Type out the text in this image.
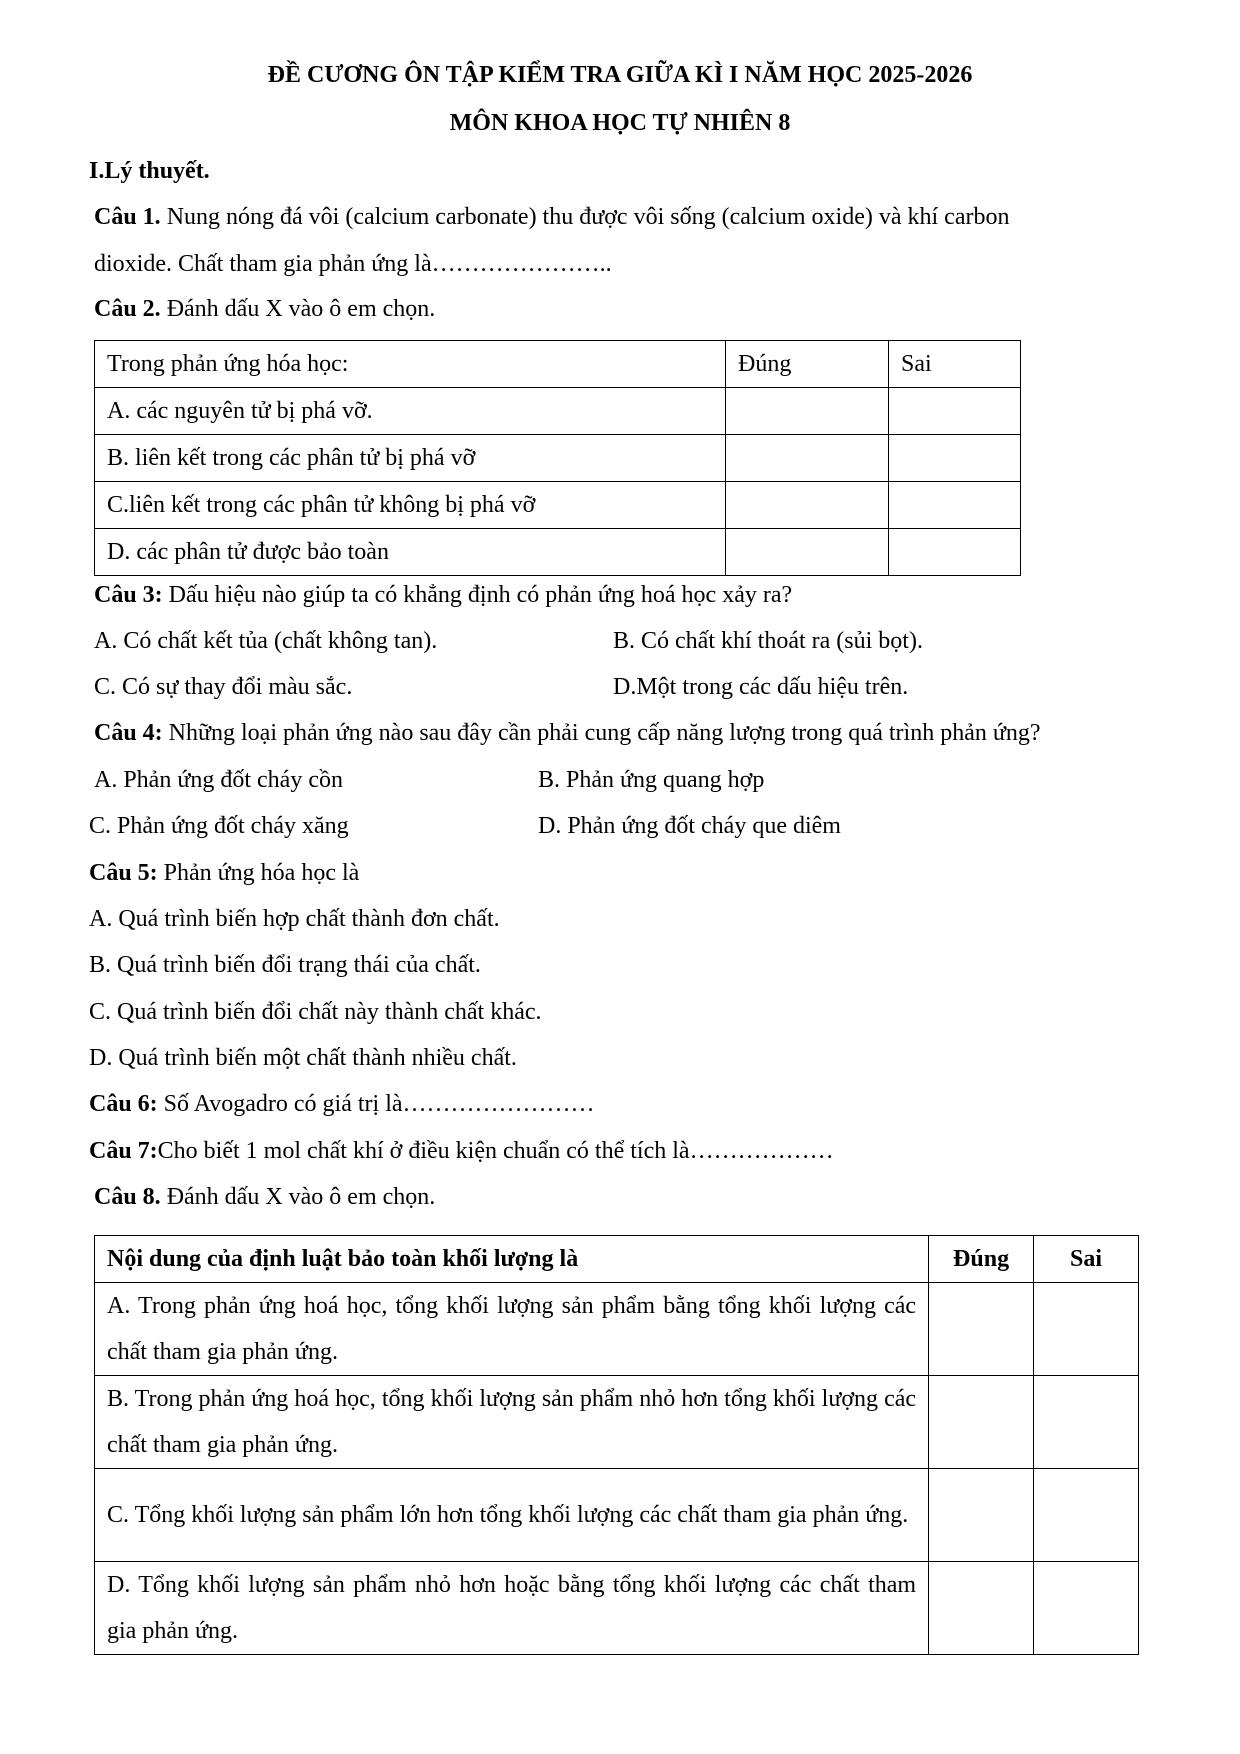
ĐỀ CƯƠNG ÔN TẬP KIỂM TRA GIỮA KÌ I NĂM HỌC 2025-2026
MÔN KHOA HỌC TỰ NHIÊN 8
I.Lý thuyết.
Câu 1. Nung nóng đá vôi (calcium carbonate) thu được vôi sống (calcium oxide) và khí carbon
dioxide. Chất tham gia phản ứng là…………………..
Câu 2. Đánh dấu X vào ô em chọn.
Trong phản ứng hóa học:	Đúng	Sai
A. các nguyên tử bị phá vỡ.		
B. liên kết trong các phân tử bị phá vỡ		
C.liên kết trong các phân tử không bị phá vỡ		
D. các phân tử được bảo toàn		
Câu 3: Dấu hiệu nào giúp ta có khẳng định có phản ứng hoá học xảy ra?
A. Có chất kết tủa (chất không tan).	B. Có chất khí thoát ra (sủi bọt).
C. Có sự thay đổi màu sắc.	D.Một trong các dấu hiệu trên.
Câu 4: Những loại phản ứng nào sau đây cần phải cung cấp năng lượng trong quá trình phản ứng?
A. Phản ứng đốt cháy cồn	B. Phản ứng quang hợp
C. Phản ứng đốt cháy xăng	D. Phản ứng đốt cháy que diêm
Câu 5: Phản ứng hóa học là
A. Quá trình biến hợp chất thành đơn chất.
B. Quá trình biến đổi trạng thái của chất.
C. Quá trình biến đổi chất này thành chất khác.
D. Quá trình biến một chất thành nhiều chất.
Câu 6: Số Avogadro có giá trị là……………………
Câu 7:Cho biết 1 mol chất khí ở điều kiện chuẩn có thể tích là………………
Câu 8. Đánh dấu X vào ô em chọn.
Nội dung của định luật bảo toàn khối lượng là	Đúng	Sai
A. Trong phản ứng hoá học, tổng khối lượng sản phẩm bằng tổng khối lượng các chất tham gia phản ứng.		
B. Trong phản ứng hoá học, tổng khối lượng sản phẩm nhỏ hơn tổng khối lượng các chất tham gia phản ứng.		
C. Tổng khối lượng sản phẩm lớn hơn tổng khối lượng các chất tham gia phản ứng.		
D. Tổng khối lượng sản phẩm nhỏ hơn hoặc bằng tổng khối lượng các chất tham gia phản ứng.		
